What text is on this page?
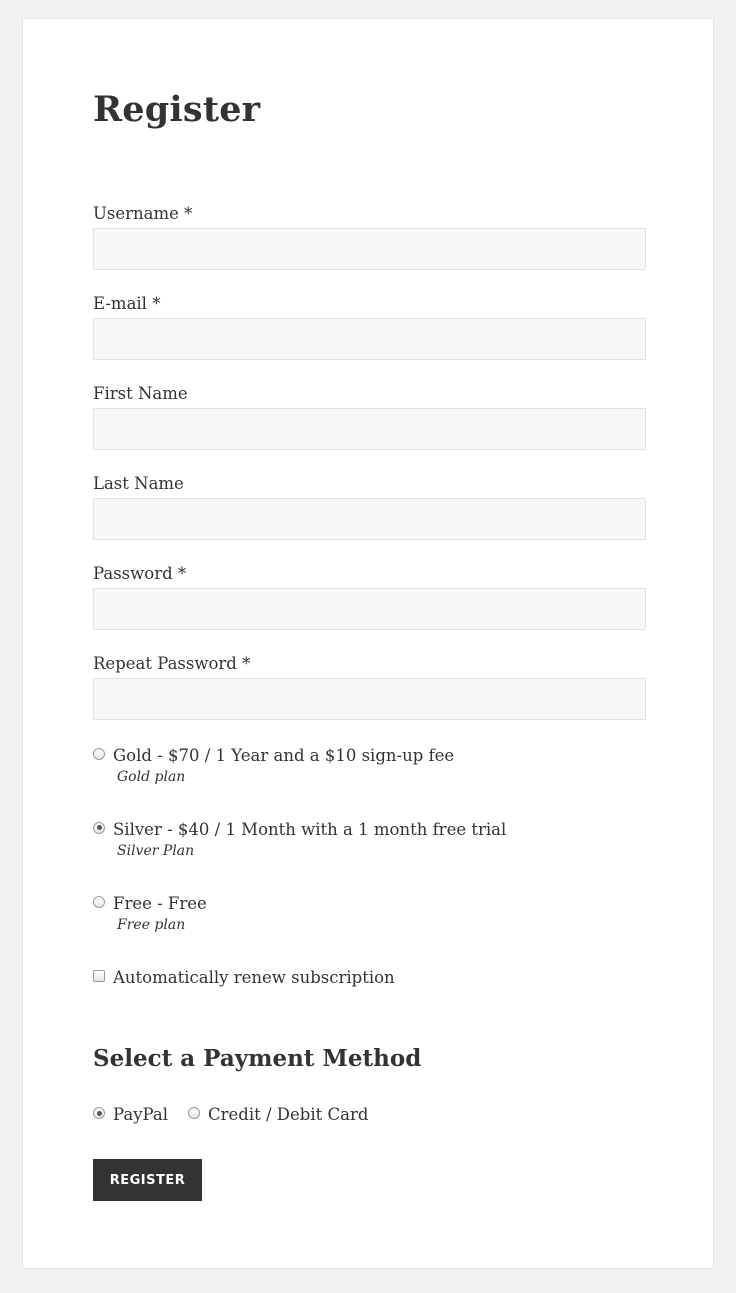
Register
Username *
E-mail *
First Name
Last Name
Password *
Repeat Password *
Gold - $70 / 1 Year and a $10 sign-up fee
Gold plan
Silver - $40 / 1 Month with a 1 month free trial
Silver Plan
Free - Free
Free plan
Automatically renew subscription
Select a Payment Method
PayPal Credit / Debit Card
REGISTER
